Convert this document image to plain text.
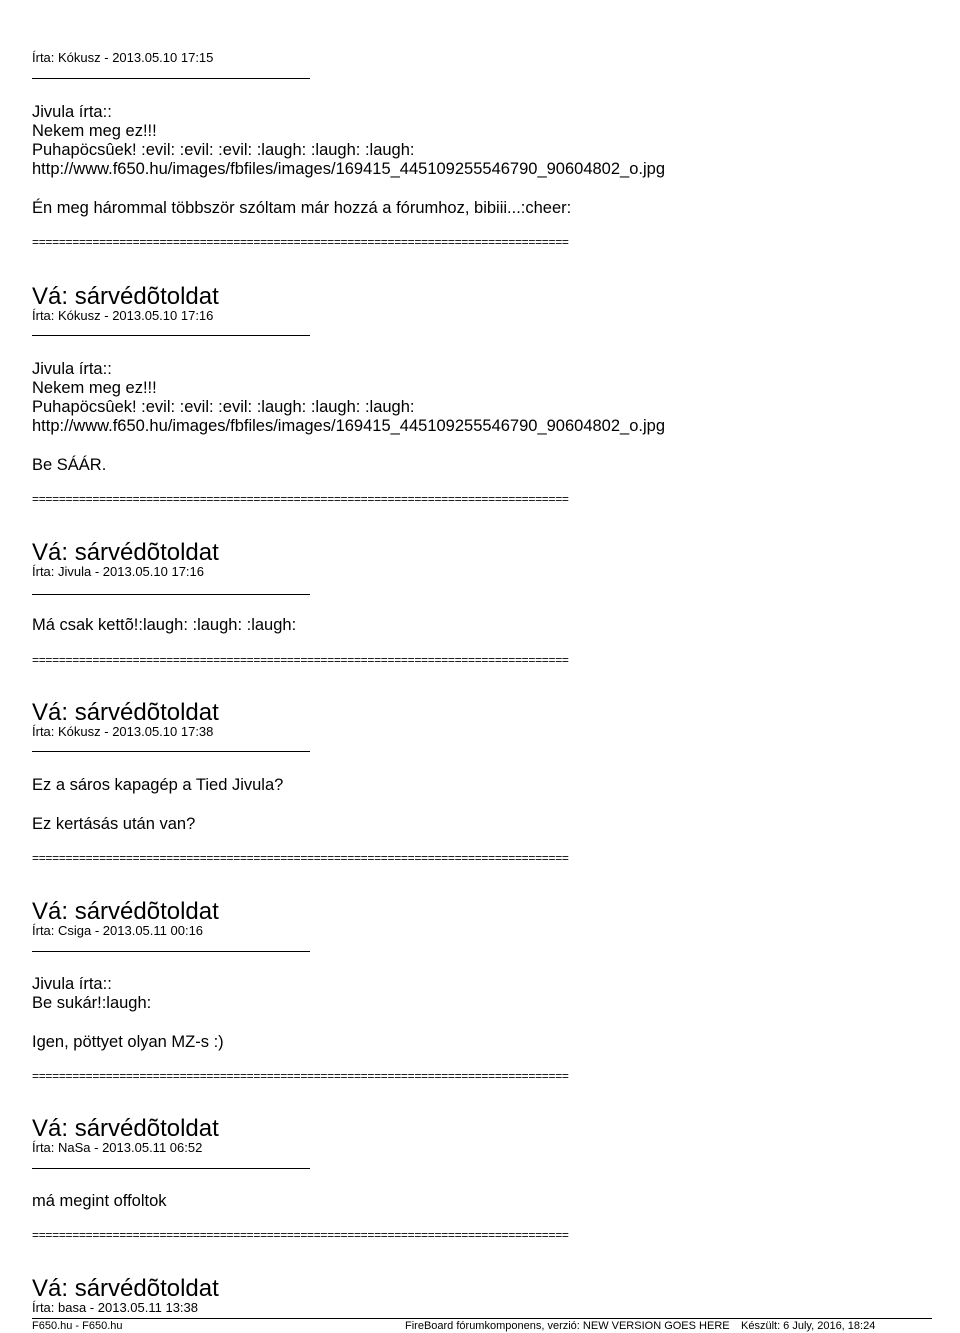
Írta: Kókusz - 2013.05.10 17:15
Jivula írta::
Nekem meg ez!!!
Puhapöcsûek! :evil: :evil: :evil: :laugh: :laugh: :laugh:
http://www.f650.hu/images/fbfiles/images/169415_445109255546790_90604802_o.jpg
Én meg hárommal többször szóltam már hozzá a fórumhoz, bibiii...:cheer:
================================================================================
Vá: sárvédõtoldat
Írta: Kókusz - 2013.05.10 17:16
Jivula írta::
Nekem meg ez!!!
Puhapöcsûek! :evil: :evil: :evil: :laugh: :laugh: :laugh:
http://www.f650.hu/images/fbfiles/images/169415_445109255546790_90604802_o.jpg
Be SÁÁR.
================================================================================
Vá: sárvédõtoldat
Írta: Jivula - 2013.05.10 17:16
Má csak kettõ!:laugh: :laugh: :laugh:
================================================================================
Vá: sárvédõtoldat
Írta: Kókusz - 2013.05.10 17:38
Ez a sáros kapagép a Tied Jivula?
Ez kertásás után van?
================================================================================
Vá: sárvédõtoldat
Írta: Csiga - 2013.05.11 00:16
Jivula írta::
Be sukár!:laugh:
Igen, pöttyet olyan MZ-s :)
================================================================================
Vá: sárvédõtoldat
Írta: NaSa - 2013.05.11 06:52
má megint offoltok
================================================================================
Vá: sárvédõtoldat
Írta: basa - 2013.05.11 13:38
F650.hu - F650.hu	FireBoard fórumkomponens, verzió: NEW VERSION GOES HERE Készült: 6 July, 2016, 18:24
